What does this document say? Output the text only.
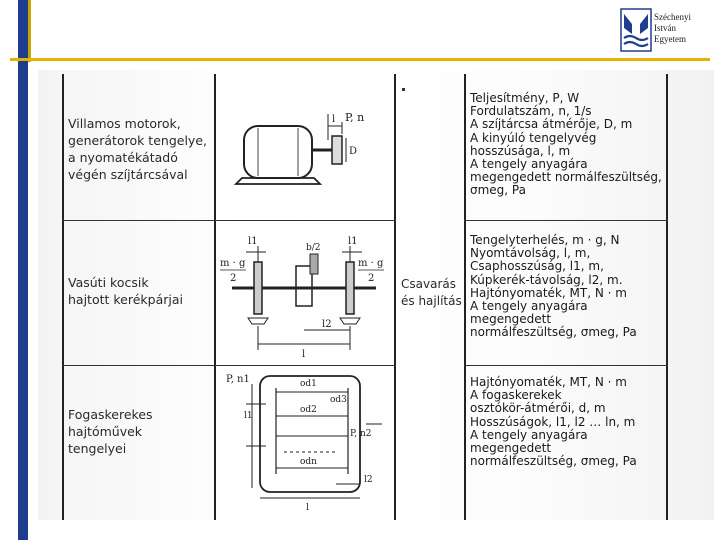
Széchenyi
István
Egyetem
Villamos motorok,
generátorok tengelye,
a nyomatékátadó
végén szíjtárcsával
P, n
l
D
Teljesítmény, P, W
Fordulatszám, n, 1/s
A szíjtárcsa átmérője, D, m
A kinyúló tengelyvég
hosszúsága, l, m
A tengely anyagára
megengedett normálfeszültség,
σmeg, Pa
Vasúti kocsik
hajtott kerékpárjai
m · g
2
m · g
2
l1	l1
l2
l
b/2
Csavarás
és hajlítás
Tengelyterhelés, m · g, N
Nyomtávolság, l, m,
Csaphosszúság, l1, m,
Kúpkerék-távolság, l2, m.
Hajtónyomaték, MT, N · m
A tengely anyagára
megengedett
normálfeszültség, σmeg, Pa
Fogaskerekes
hajtóművek
tengelyei
P, n1	od1
od2
od3
odn
P, n2
l1
l2
l
Hajtónyomaték, MT, N · m
A fogaskerekek
osztókör-átmérői, d, m
Hosszúságok, l1, l2 … ln, m
A tengely anyagára
megengedett
normálfeszültség, σmeg, Pa
